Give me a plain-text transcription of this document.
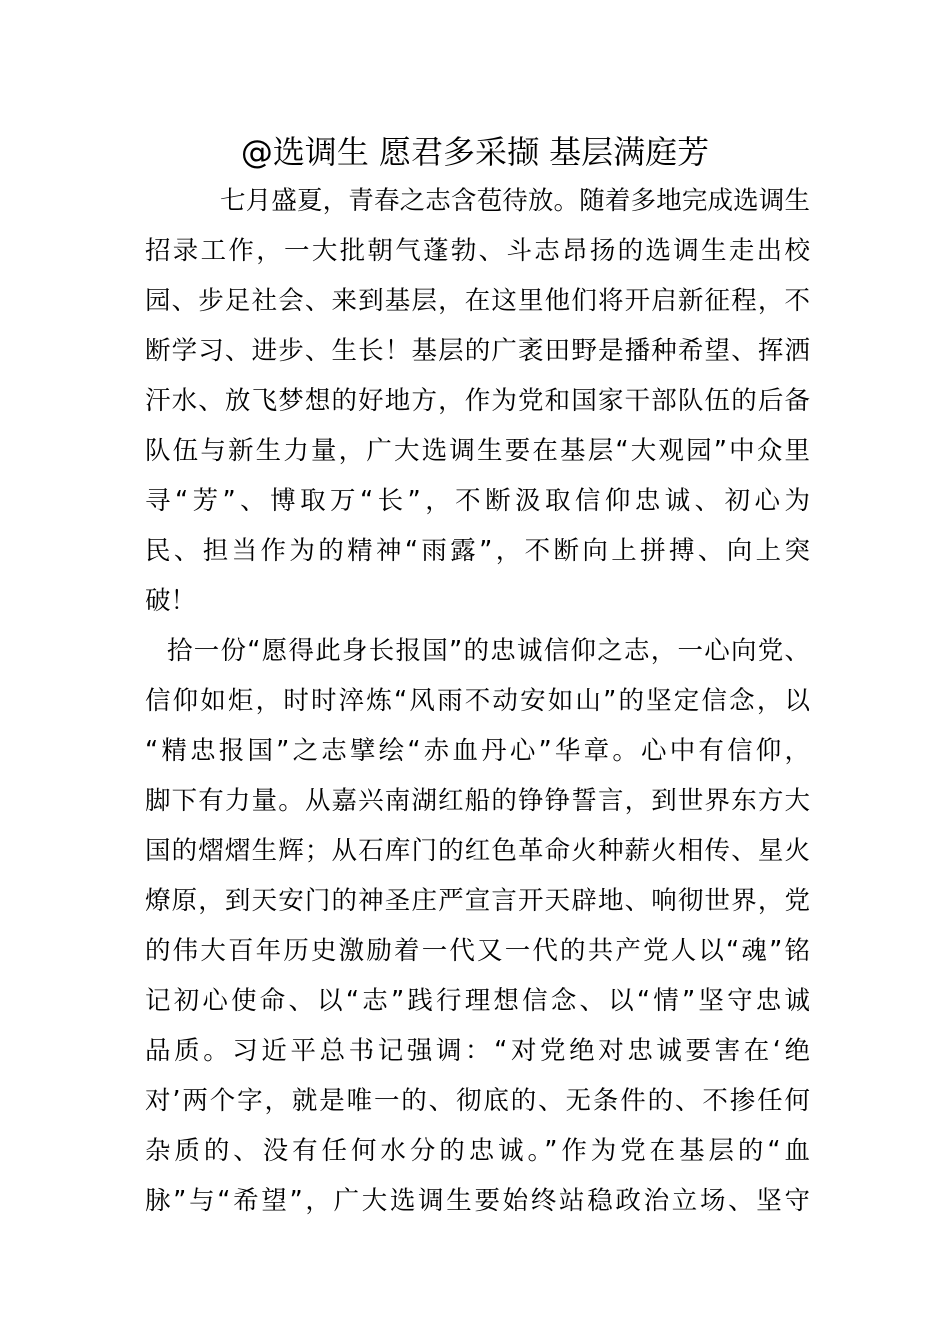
@选调生 愿君多采撷 基层满庭芳
七月盛夏，青春之志含苞待放。随着多地完成选调生
招录工作，一大批朝气蓬勃、斗志昂扬的选调生走出校
园、步足社会、来到基层，在这里他们将开启新征程，不
断学习、进步、生长！基层的广袤田野是播种希望、挥洒
汗水、放飞梦想的好地方，作为党和国家干部队伍的后备
队伍与新生力量，广大选调生要在基层“大观园”中众里
寻“芳”、博取万“长”，不断汲取信仰忠诚、初心为
民、担当作为的精神“雨露”，不断向上拼搏、向上突
破！
拾一份“愿得此身长报国”的忠诚信仰之志，一心向党、
信仰如炬，时时淬炼“风雨不动安如山”的坚定信念，以
“精忠报国”之志擘绘“赤血丹心”华章。心中有信仰，
脚下有力量。从嘉兴南湖红船的铮铮誓言，到世界东方大
国的熠熠生辉；从石库门的红色革命火种薪火相传、星火
燎原，到天安门的神圣庄严宣言开天辟地、响彻世界，党
的伟大百年历史激励着一代又一代的共产党人以“魂”铭
记初心使命、以“志”践行理想信念、以“情”坚守忠诚
品质。习近平总书记强调：“对党绝对忠诚要害在‘绝
对’两个字，就是唯一的、彻底的、无条件的、不掺任何
杂质的、没有任何水分的忠诚。”作为党在基层的“血
脉”与“希望”，广大选调生要始终站稳政治立场、坚守
